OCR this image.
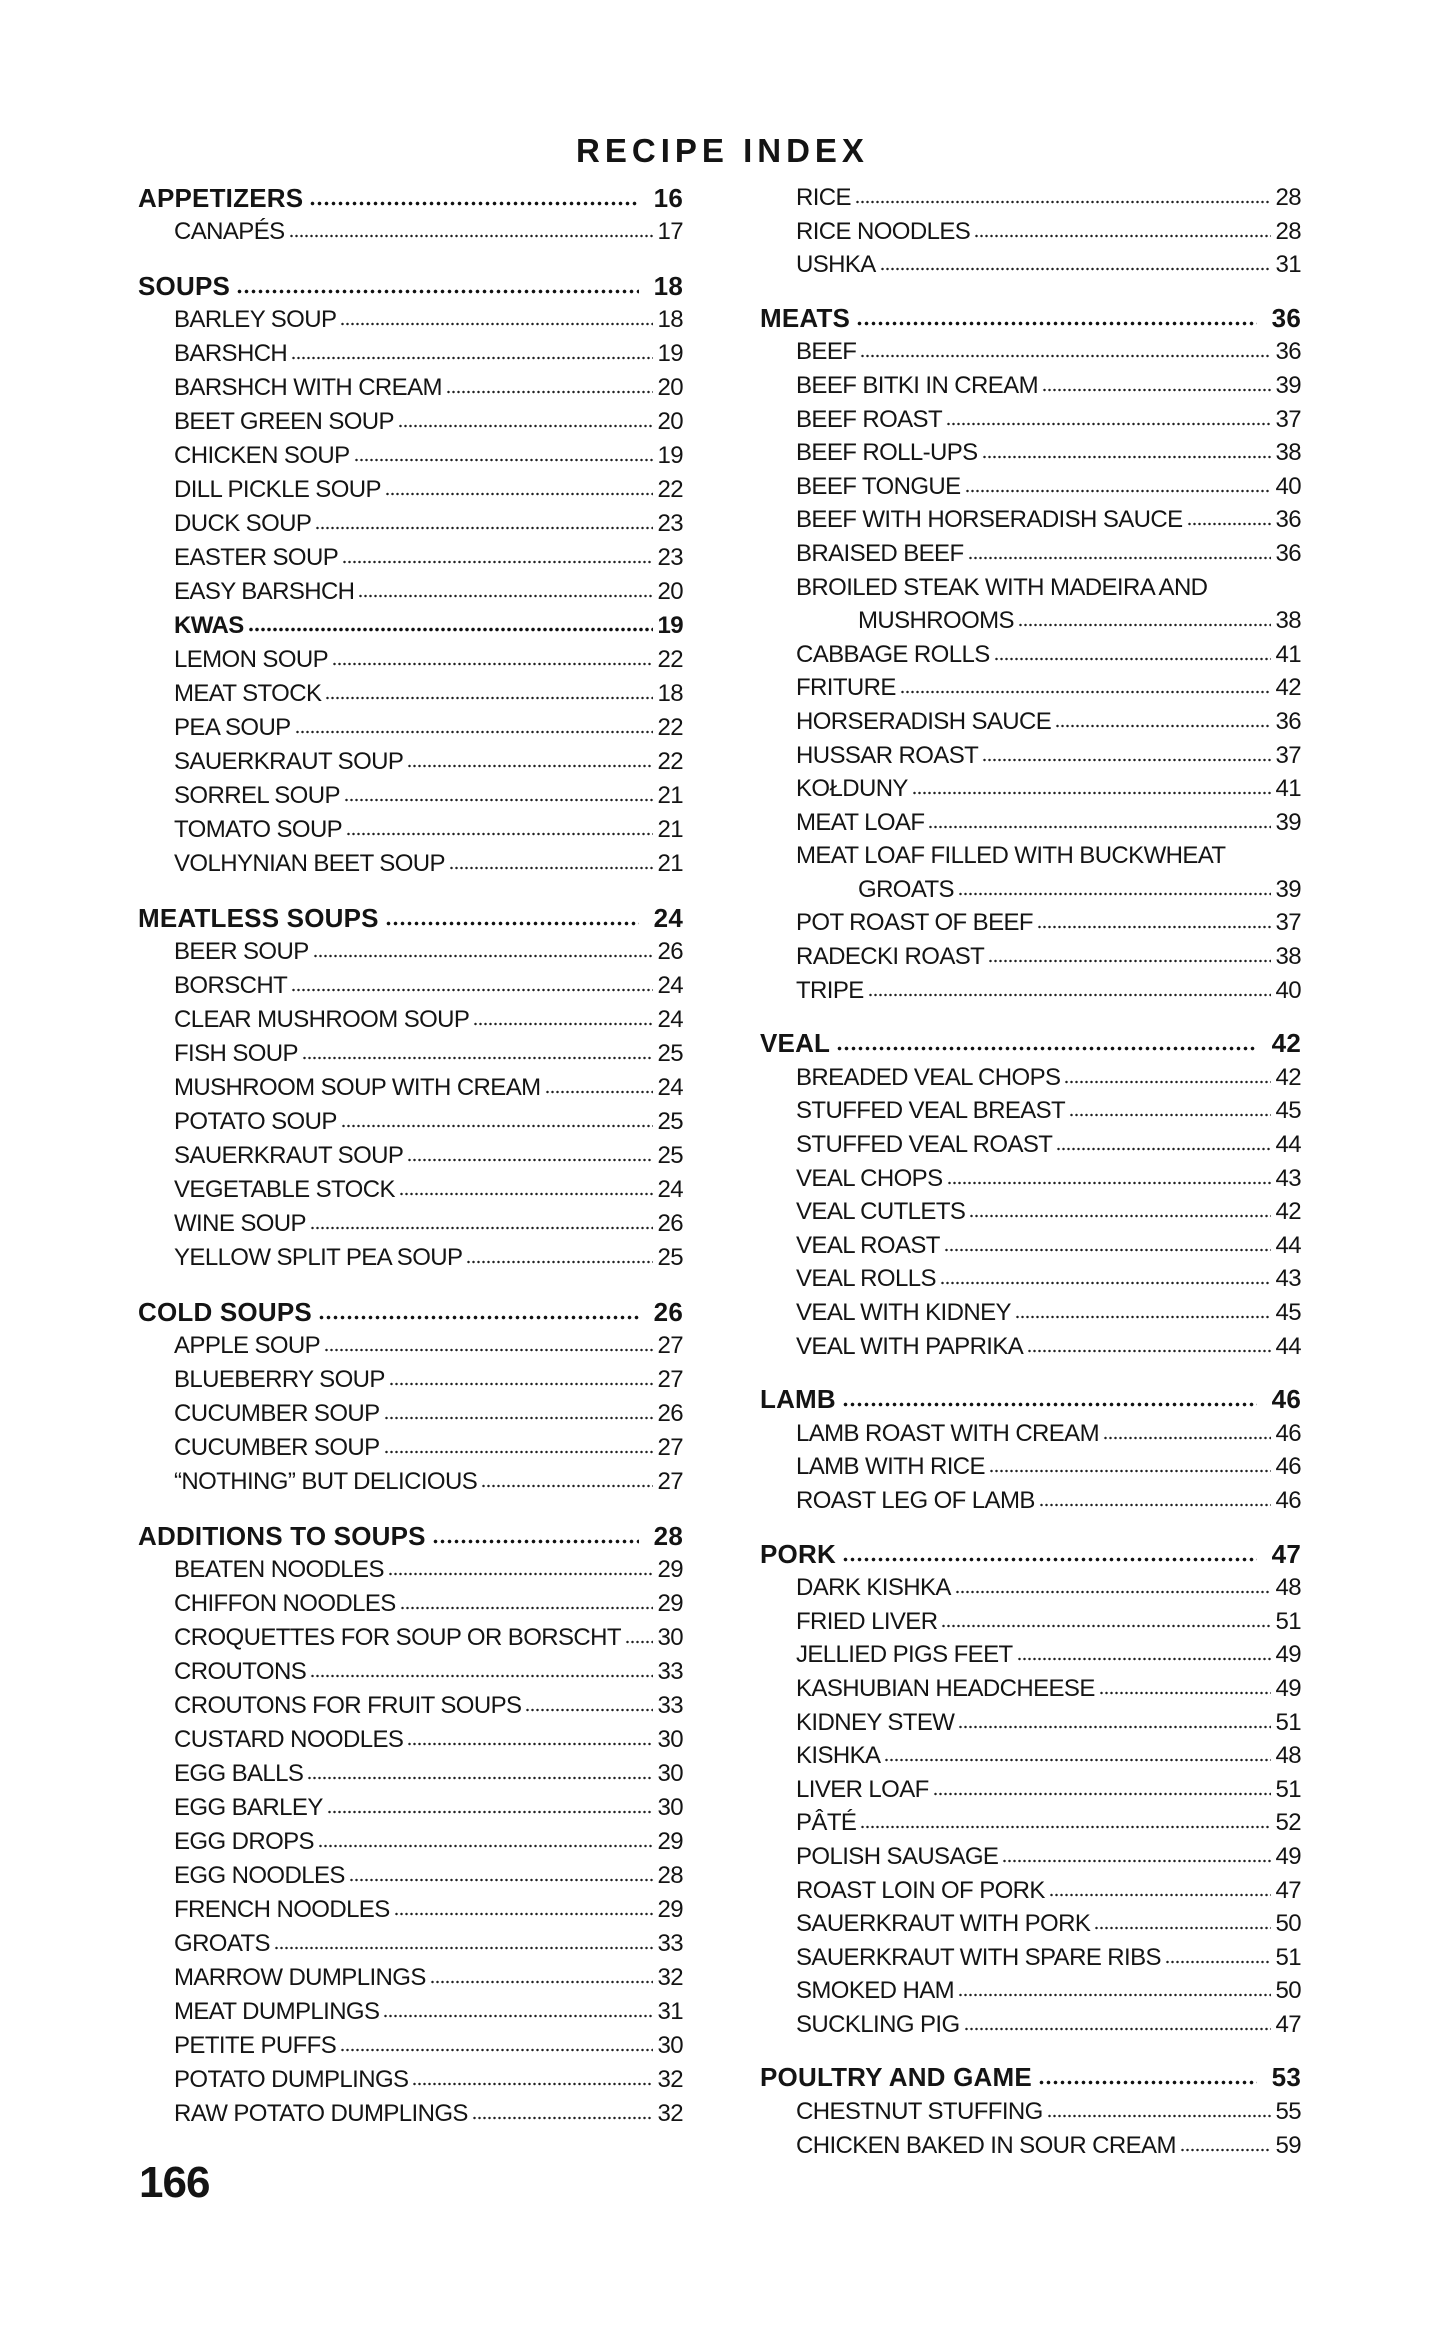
RECIPE INDEX
APPETIZERS	16
CANAPÉS	17
SOUPS	18
BARLEY SOUP	18
BARSHCH	19
BARSHCH WITH CREAM	20
BEET GREEN SOUP	20
CHICKEN SOUP	19
DILL PICKLE SOUP	22
DUCK SOUP	23
EASTER SOUP	23
EASY BARSHCH	20
KWAS	19
LEMON SOUP	22
MEAT STOCK	18
PEA SOUP	22
SAUERKRAUT SOUP	22
SORREL SOUP	21
TOMATO SOUP	21
VOLHYNIAN BEET SOUP	21
MEATLESS SOUPS	24
BEER SOUP	26
BORSCHT	24
CLEAR MUSHROOM SOUP	24
FISH SOUP	25
MUSHROOM SOUP WITH CREAM	24
POTATO SOUP	25
SAUERKRAUT SOUP	25
VEGETABLE STOCK	24
WINE SOUP	26
YELLOW SPLIT PEA SOUP	25
COLD SOUPS	26
APPLE SOUP	27
BLUEBERRY SOUP	27
CUCUMBER SOUP	26
CUCUMBER SOUP	27
“NOTHING” BUT DELICIOUS	27
ADDITIONS TO SOUPS	28
BEATEN NOODLES	29
CHIFFON NOODLES	29
CROQUETTES FOR SOUP OR BORSCHT 30
CROUTONS	33
CROUTONS FOR FRUIT SOUPS	33
CUSTARD NOODLES	30
EGG BALLS	30
EGG BARLEY	30
EGG DROPS	29
EGG NOODLES	28
FRENCH NOODLES	29
GROATS	33
MARROW DUMPLINGS	32
MEAT DUMPLINGS	31
PETITE PUFFS	30
POTATO DUMPLINGS	32
RAW POTATO DUMPLINGS	32
RICE	28
RICE NOODLES	28
USHKA	31
MEATS	36
BEEF	36
BEEF BITKI IN CREAM	39
BEEF ROAST	37
BEEF ROLL-UPS	38
BEEF TONGUE	40
BEEF WITH HORSERADISH SAUCE	36
BRAISED BEEF	36
BROILED STEAK WITH MADEIRA AND
MUSHROOMS	38
CABBAGE ROLLS	41
FRITURE	42
HORSERADISH SAUCE	36
HUSSAR ROAST	37
KOŁDUNY	41
MEAT LOAF	39
MEAT LOAF FILLED WITH BUCKWHEAT
GROATS	39
POT ROAST OF BEEF	37
RADECKI ROAST	38
TRIPE	40
VEAL	42
BREADED VEAL CHOPS	42
STUFFED VEAL BREAST	45
STUFFED VEAL ROAST	44
VEAL CHOPS	43
VEAL CUTLETS	42
VEAL ROAST	44
VEAL ROLLS	43
VEAL WITH KIDNEY	45
VEAL WITH PAPRIKA	44
LAMB	46
LAMB ROAST WITH CREAM	46
LAMB WITH RICE	46
ROAST LEG OF LAMB	46
PORK	47
DARK KISHKA	48
FRIED LIVER	51
JELLIED PIGS FEET	49
KASHUBIAN HEADCHEESE	49
KIDNEY STEW	51
KISHKA	48
LIVER LOAF	51
PÂTÉ	52
POLISH SAUSAGE	49
ROAST LOIN OF PORK	47
SAUERKRAUT WITH PORK	50
SAUERKRAUT WITH SPARE RIBS	51
SMOKED HAM	50
SUCKLING PIG	47
POULTRY AND GAME	53
CHESTNUT STUFFING	55
CHICKEN BAKED IN SOUR CREAM	59
166
